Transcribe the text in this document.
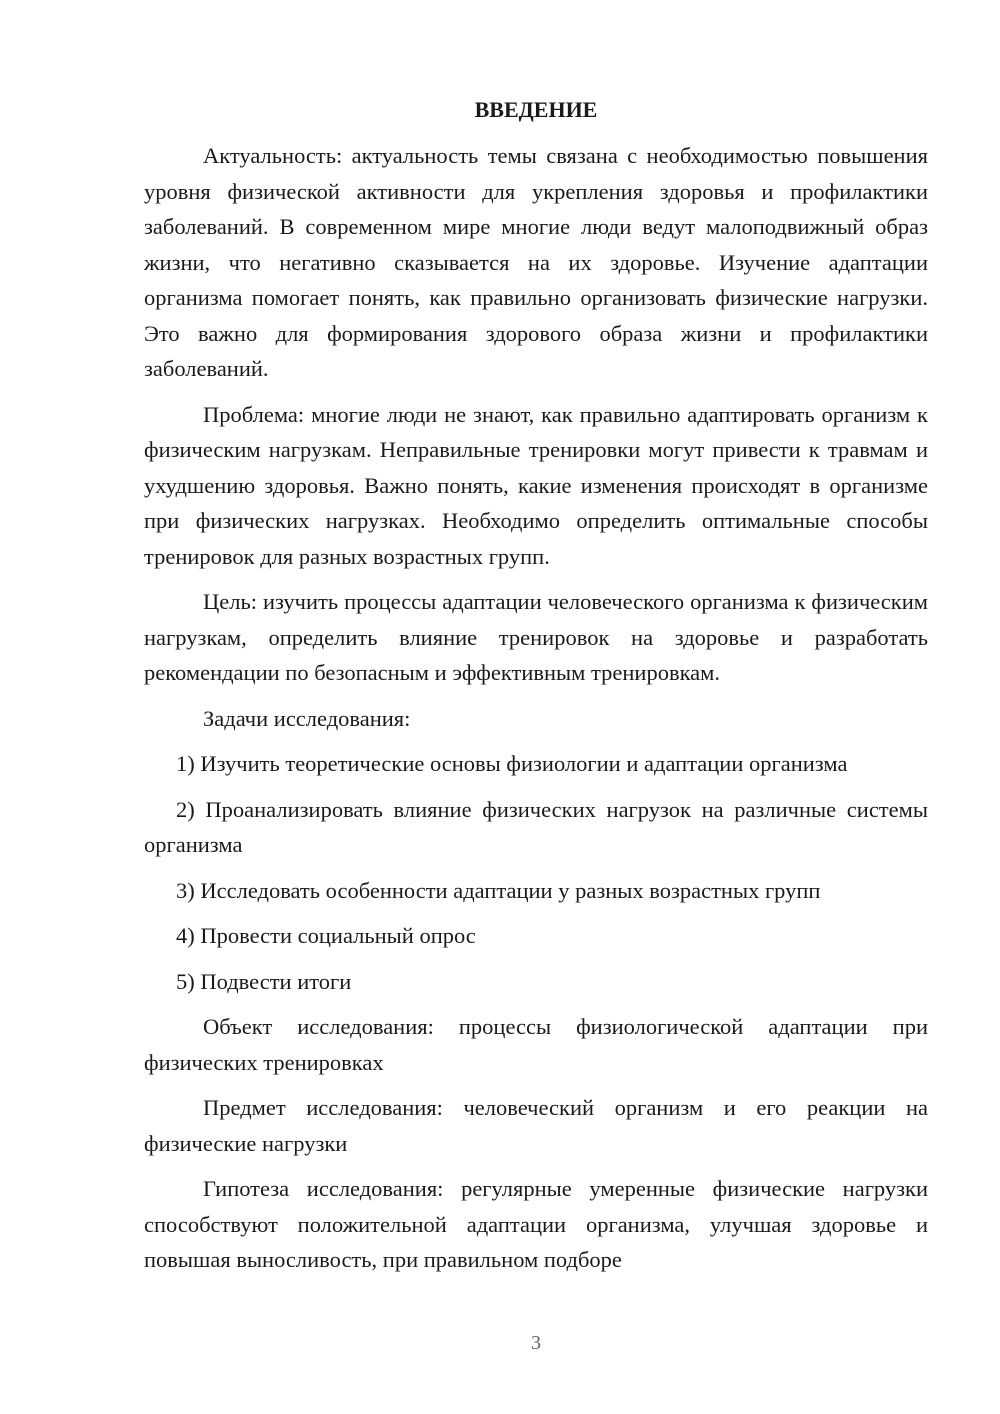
ВВЕДЕНИЕ
Актуальность: актуальность темы связана с необходимостью повышения уровня физической активности для укрепления здоровья и профилактики заболеваний. В современном мире многие люди ведут малоподвижный образ жизни, что негативно сказывается на их здоровье. Изучение адаптации организма помогает понять, как правильно организовать физические нагрузки. Это важно для формирования здорового образа жизни и профилактики заболеваний.
Проблема: многие люди не знают, как правильно адаптировать организм к физическим нагрузкам. Неправильные тренировки могут привести к травмам и ухудшению здоровья. Важно понять, какие изменения происходят в организме при физических нагрузках. Необходимо определить оптимальные способы тренировок для разных возрастных групп.
Цель: изучить процессы адаптации человеческого организма к физическим нагрузкам, определить влияние тренировок на здоровье и разработать рекомендации по безопасным и эффективным тренировкам.
Задачи исследования:
1) Изучить теоретические основы физиологии и адаптации организма
2) Проанализировать влияние физических нагрузок на различные системы организма
3) Исследовать особенности адаптации у разных возрастных групп
4) Провести социальный опрос
5) Подвести итоги
Объект исследования: процессы физиологической адаптации при физических тренировках
Предмет исследования: человеческий организм и его реакции на физические нагрузки
Гипотеза исследования: регулярные умеренные физические нагрузки способствуют положительной адаптации организма, улучшая здоровье и повышая выносливость, при правильном подборе
3
